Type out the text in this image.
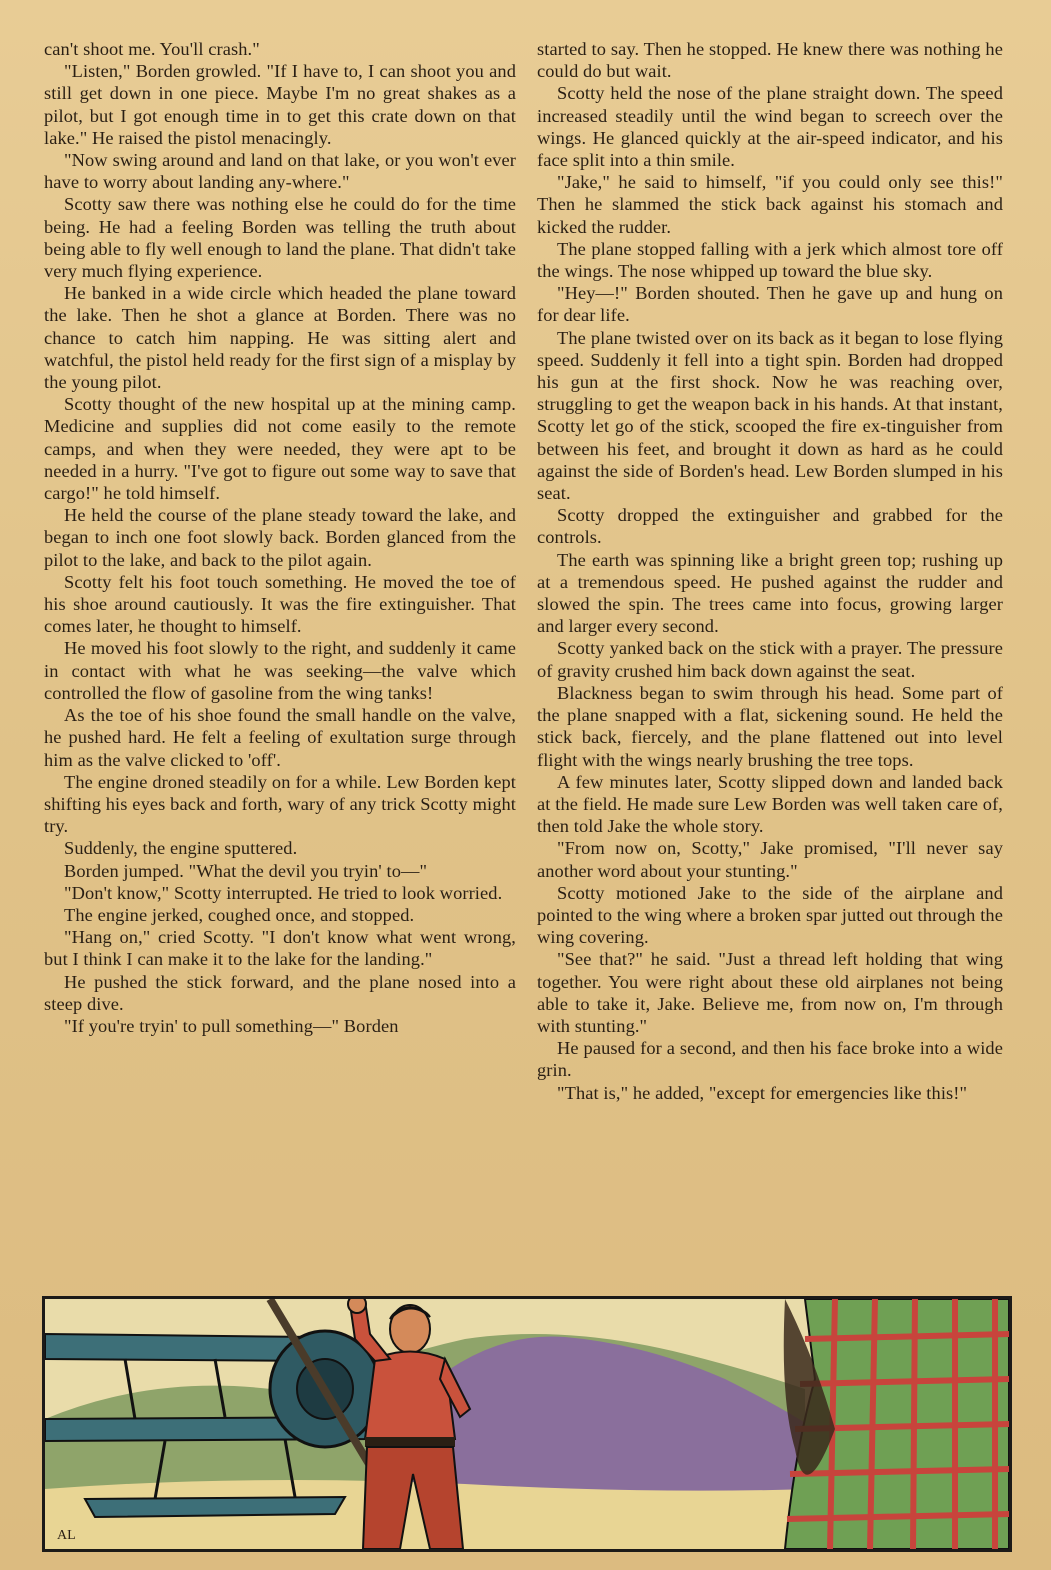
can't shoot me. You'll crash."

"Listen," Borden growled. "If I have to, I can shoot you and still get down in one piece. Maybe I'm no great shakes as a pilot, but I got enough time in to get this crate down on that lake." He raised the pistol menacingly.

"Now swing around and land on that lake, or you won't ever have to worry about landing any-where."

Scotty saw there was nothing else he could do for the time being. He had a feeling Borden was telling the truth about being able to fly well enough to land the plane. That didn't take very much flying experience.

He banked in a wide circle which headed the plane toward the lake. Then he shot a glance at Borden. There was no chance to catch him napping. He was sitting alert and watchful, the pistol held ready for the first sign of a misplay by the young pilot.

Scotty thought of the new hospital up at the mining camp. Medicine and supplies did not come easily to the remote camps, and when they were needed, they were apt to be needed in a hurry. "I've got to figure out some way to save that cargo!" he told himself.

He held the course of the plane steady toward the lake, and began to inch one foot slowly back. Borden glanced from the pilot to the lake, and back to the pilot again.

Scotty felt his foot touch something. He moved the toe of his shoe around cautiously. It was the fire extinguisher. That comes later, he thought to himself.

He moved his foot slowly to the right, and suddenly it came in contact with what he was seeking—the valve which controlled the flow of gasoline from the wing tanks!

As the toe of his shoe found the small handle on the valve, he pushed hard. He felt a feeling of exultation surge through him as the valve clicked to 'off'.

The engine droned steadily on for a while. Lew Borden kept shifting his eyes back and forth, wary of any trick Scotty might try.

Suddenly, the engine sputtered.

Borden jumped. "What the devil you tryin' to—"

"Don't know," Scotty interrupted. He tried to look worried.

The engine jerked, coughed once, and stopped.

"Hang on," cried Scotty. "I don't know what went wrong, but I think I can make it to the lake for the landing."

He pushed the stick forward, and the plane nosed into a steep dive.

"If you're tryin' to pull something—" Borden

started to say. Then he stopped. He knew there was nothing he could do but wait.

Scotty held the nose of the plane straight down. The speed increased steadily until the wind began to screech over the wings. He glanced quickly at the air-speed indicator, and his face split into a thin smile.

"Jake," he said to himself, "if you could only see this!" Then he slammed the stick back against his stomach and kicked the rudder.

The plane stopped falling with a jerk which almost tore off the wings. The nose whipped up toward the blue sky.

"Hey—!" Borden shouted. Then he gave up and hung on for dear life.

The plane twisted over on its back as it began to lose flying speed. Suddenly it fell into a tight spin. Borden had dropped his gun at the first shock. Now he was reaching over, struggling to get the weapon back in his hands. At that instant, Scotty let go of the stick, scooped the fire ex-tinguisher from between his feet, and brought it down as hard as he could against the side of Borden's head. Lew Borden slumped in his seat.

Scotty dropped the extinguisher and grabbed for the controls.

The earth was spinning like a bright green top; rushing up at a tremendous speed. He pushed against the rudder and slowed the spin. The trees came into focus, growing larger and larger every second.

Scotty yanked back on the stick with a prayer. The pressure of gravity crushed him back down against the seat.

Blackness began to swim through his head. Some part of the plane snapped with a flat, sickening sound. He held the stick back, fiercely, and the plane flattened out into level flight with the wings nearly brushing the tree tops.

A few minutes later, Scotty slipped down and landed back at the field. He made sure Lew Borden was well taken care of, then told Jake the whole story.

"From now on, Scotty," Jake promised, "I'll never say another word about your stunting."

Scotty motioned Jake to the side of the airplane and pointed to the wing where a broken spar jutted out through the wing covering.

"See that?" he said. "Just a thread left holding that wing together. You were right about these old airplanes not being able to take it, Jake. Believe me, from now on, I'm through with stunting."

He paused for a second, and then his face broke into a wide grin.

"That is," he added, "except for emergencies like this!"

AL
